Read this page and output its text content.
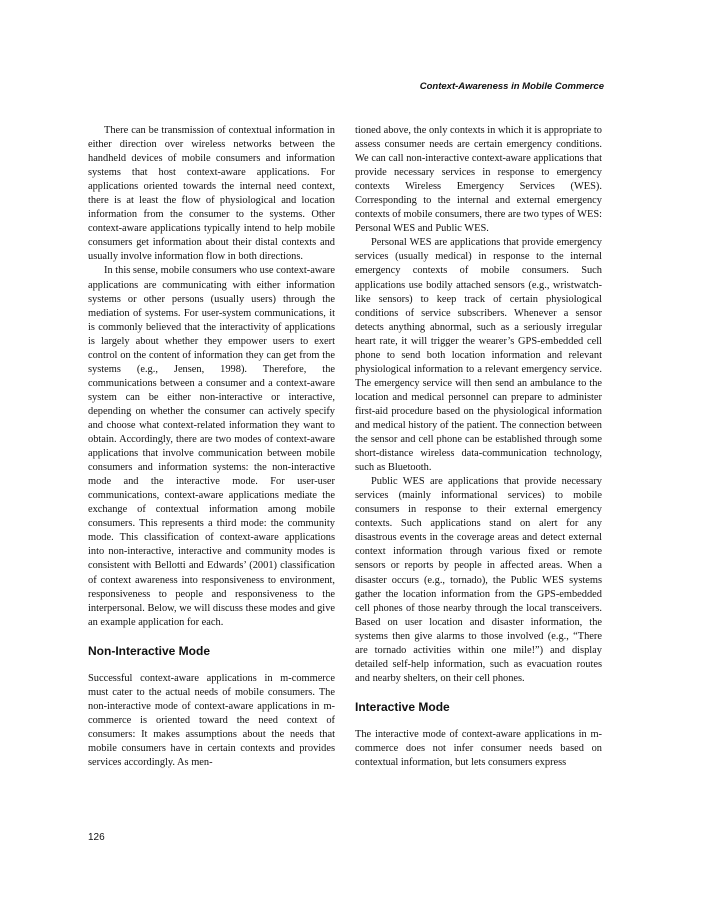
Context-Awareness in Mobile Commerce

There can be transmission of contextual information in either direction over wireless networks between the handheld devices of mobile consumers and information systems that host context-aware applications. For applications oriented towards the internal need context, there is at least the flow of physiological and location information from the consumer to the systems. Other context-aware applications typically intend to help mobile consumers get information about their distal contexts and usually involve information flow in both directions.

In this sense, mobile consumers who use context-aware applications are communicating with either information systems or other persons (usually users) through the mediation of systems. For user-system communications, it is commonly believed that the interactivity of applications is largely about whether they empower users to exert control on the content of information they can get from the systems (e.g., Jensen, 1998). Therefore, the communications between a consumer and a context-aware system can be either non-interactive or interactive, depending on whether the consumer can actively specify and choose what context-related information they want to obtain. Accordingly, there are two modes of context-aware applications that involve communication between mobile consumers and information systems: the non-interactive mode and the interactive mode. For user-user communications, context-aware applications mediate the exchange of contextual information among mobile consumers. This represents a third mode: the community mode. This classification of context-aware applications into non-interactive, interactive and community modes is consistent with Bellotti and Edwards’ (2001) classification of context awareness into responsiveness to environment, responsiveness to people and responsiveness to the interpersonal. Below, we will discuss these modes and give an example application for each.

Non-Interactive Mode

Successful context-aware applications in m-commerce must cater to the actual needs of mobile consumers. The non-interactive mode of context-aware applications in m-commerce is oriented toward the need context of consumers: It makes assumptions about the needs that mobile consumers have in certain contexts and provides services accordingly. As men-

tioned above, the only contexts in which it is appropriate to assess consumer needs are certain emergency conditions. We can call non-interactive context-aware applications that provide necessary services in response to emergency contexts Wireless Emergency Services (WES). Corresponding to the internal and external emergency contexts of mobile consumers, there are two types of WES: Personal WES and Public WES.

Personal WES are applications that provide emergency services (usually medical) in response to the internal emergency contexts of mobile consumers. Such applications use bodily attached sensors (e.g., wristwatch-like sensors) to keep track of certain physiological conditions of service subscribers. Whenever a sensor detects anything abnormal, such as a seriously irregular heart rate, it will trigger the wearer’s GPS-embedded cell phone to send both location information and relevant physiological information to a relevant emergency service. The emergency service will then send an ambulance to the location and medical personnel can prepare to administer first-aid procedure based on the physiological information and medical history of the patient. The connection between the sensor and cell phone can be established through some short-distance wireless data-communication technology, such as Bluetooth.

Public WES are applications that provide necessary services (mainly informational services) to mobile consumers in response to their external emergency contexts. Such applications stand on alert for any disastrous events in the coverage areas and detect external context information through various fixed or remote sensors or reports by people in affected areas. When a disaster occurs (e.g., tornado), the Public WES systems gather the location information from the GPS-embedded cell phones of those nearby through the local transceivers. Based on user location and disaster information, the systems then give alarms to those involved (e.g., “There are tornado activities within one mile!”) and display detailed self-help information, such as evacuation routes and nearby shelters, on their cell phones.

Interactive Mode

The interactive mode of context-aware applications in m-commerce does not infer consumer needs based on contextual information, but lets consumers express

126
